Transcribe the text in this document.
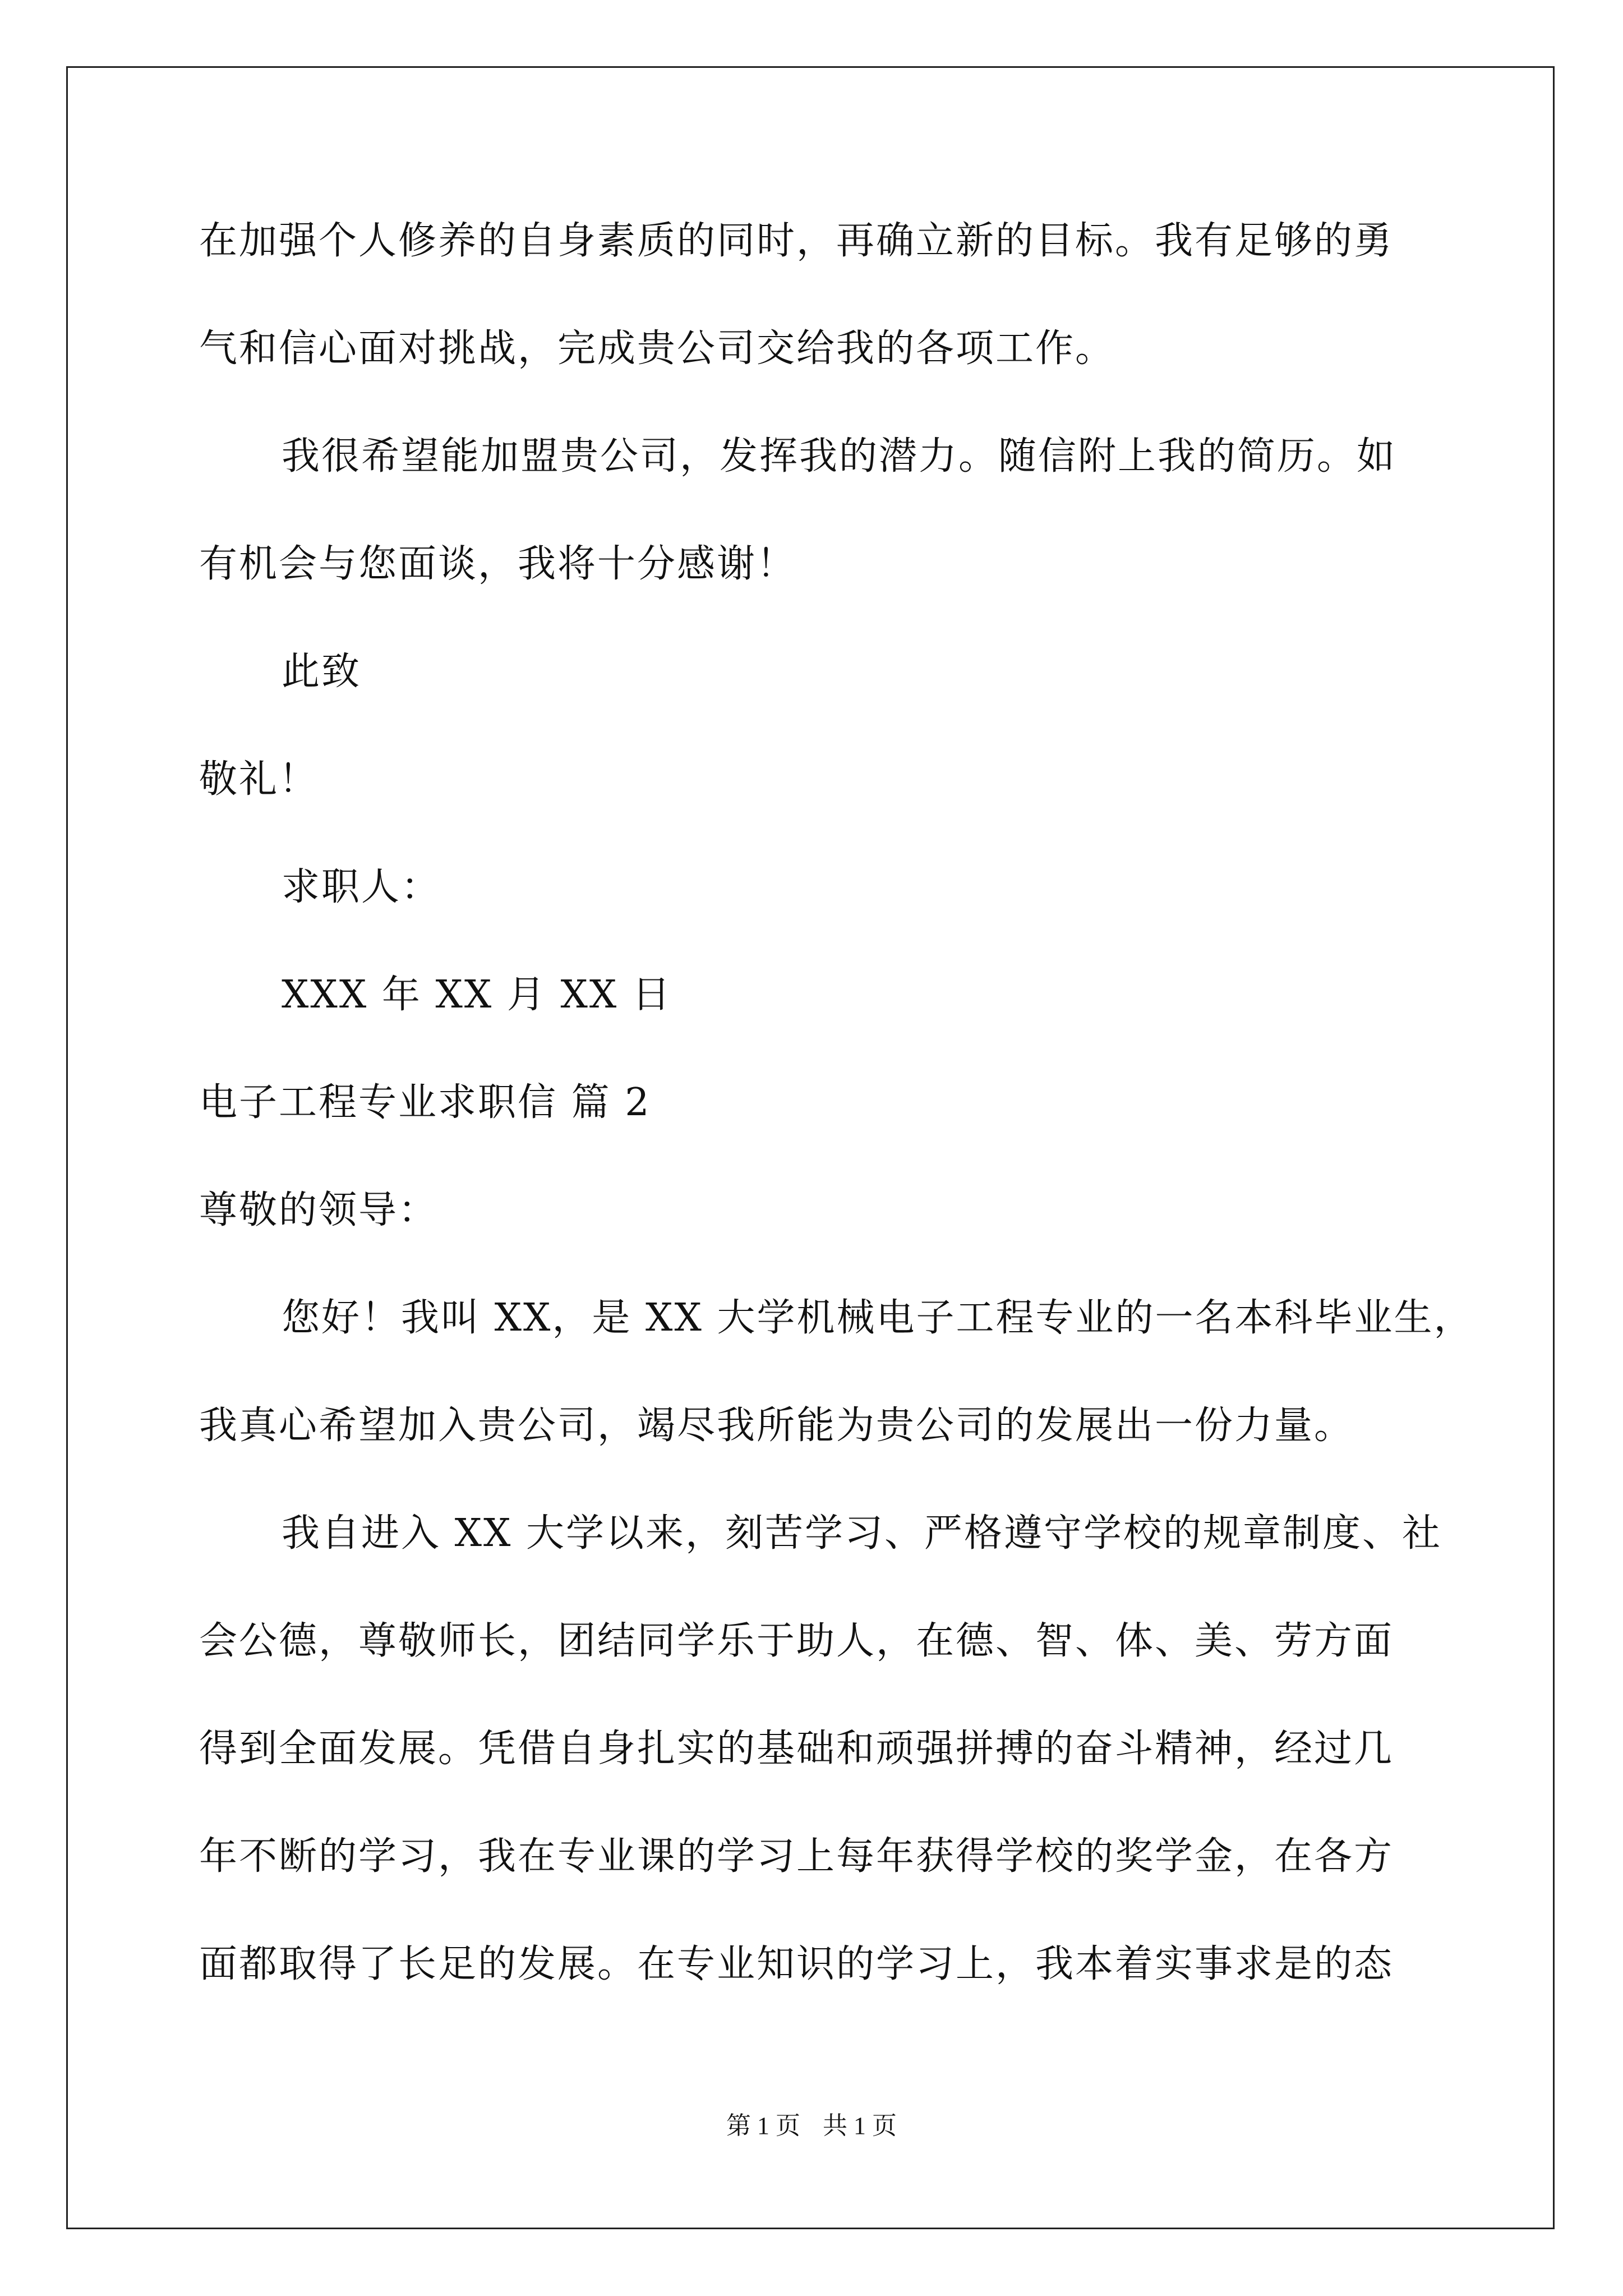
在加强个人修养的自身素质的同时，再确立新的目标。我有足够的勇
气和信心面对挑战，完成贵公司交给我的各项工作。
我很希望能加盟贵公司，发挥我的潜力。随信附上我的简历。如
有机会与您面谈，我将十分感谢！
此致
敬礼！
求职人：
XXX 年 XX 月 XX 日
电子工程专业求职信 篇 2
尊敬的领导：
您好！我叫 XX，是 XX 大学机械电子工程专业的一名本科毕业生，
我真心希望加入贵公司，竭尽我所能为贵公司的发展出一份力量。
我自进入 XX 大学以来，刻苦学习、严格遵守学校的规章制度、社
会公德，尊敬师长，团结同学乐于助人，在德、智、体、美、劳方面
得到全面发展。凭借自身扎实的基础和顽强拼搏的奋斗精神，经过几
年不断的学习，我在专业课的学习上每年获得学校的奖学金，在各方
面都取得了长足的发展。在专业知识的学习上，我本着实事求是的态
第 1 页 共 1 页
